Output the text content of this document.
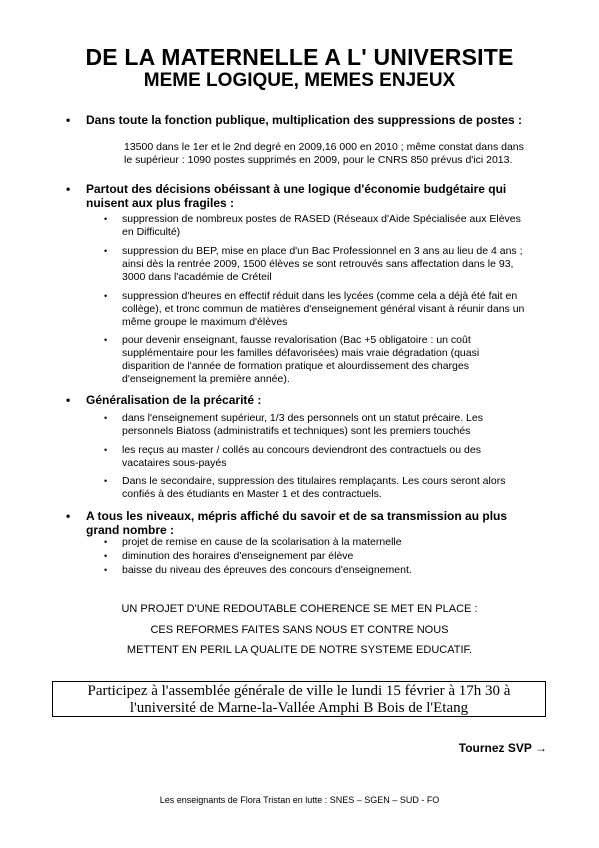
DE LA MATERNELLE A L' UNIVERSITE
MEME LOGIQUE, MEMES ENJEUX
• Dans toute la fonction publique, multiplication des suppressions de postes :
13500 dans le 1er et le 2nd degré en 2009,16 000 en 2010 ; même constat dans dans
le supérieur : 1090 postes supprimés en 2009, pour le CNRS 850 prévus d'ici 2013.
• Partout des décisions obéissant à une logique d'économie budgétaire qui
nuisent aux plus fragiles :
• suppression de nombreux postes de RASED (Réseaux d'Aide Spécialisée aux Elèves
en Difficulté)
• suppression du BEP, mise en place d'un Bac Professionnel en 3 ans au lieu de 4 ans ;
ainsi dès la rentrée 2009, 1500 élèves se sont retrouvés sans affectation dans le 93,
3000 dans l'académie de Créteil
• suppression d'heures en effectif réduit dans les lycées (comme cela a déjà été fait en
collège), et tronc commun de matières d'enseignement général visant à réunir dans un
même groupe le maximum d'élèves
• pour devenir enseignant, fausse revalorisation (Bac +5 obligatoire : un coût
supplémentaire pour les familles défavorisées) mais vraie dégradation (quasi
disparition de l'année de formation pratique et alourdissement des charges
d'enseignement la première année).
• Généralisation de la précarité :
• dans l'enseignement supérieur, 1/3 des personnels ont un statut précaire. Les
personnels Biatoss (administratifs et techniques) sont les premiers touchés
• les reçus au master / collés au concours deviendront des contractuels ou des
vacataires sous-payés
• Dans le secondaire, suppression des titulaires remplaçants. Les cours seront alors
confiés à des étudiants en Master 1 et des contractuels.
• A tous les niveaux, mépris affiché du savoir et de sa transmission au plus
grand nombre :
• projet de remise en cause de la scolarisation à la maternelle
• diminution des horaires d'enseignement par élève
• baisse du niveau des épreuves des concours d'enseignement.
UN PROJET D'UNE REDOUTABLE COHERENCE SE MET EN PLACE :
CES REFORMES FAITES SANS NOUS ET CONTRE NOUS
METTENT EN PERIL LA QUALITE DE NOTRE SYSTEME EDUCATIF.
Participez à l'assemblée générale de ville le lundi 15 février à 17h 30 à
l'université de Marne-la-Vallée Amphi B Bois de l'Etang
Tournez SVP →
Les enseignants de Flora Tristan en lutte : SNES – SGEN – SUD - FO
